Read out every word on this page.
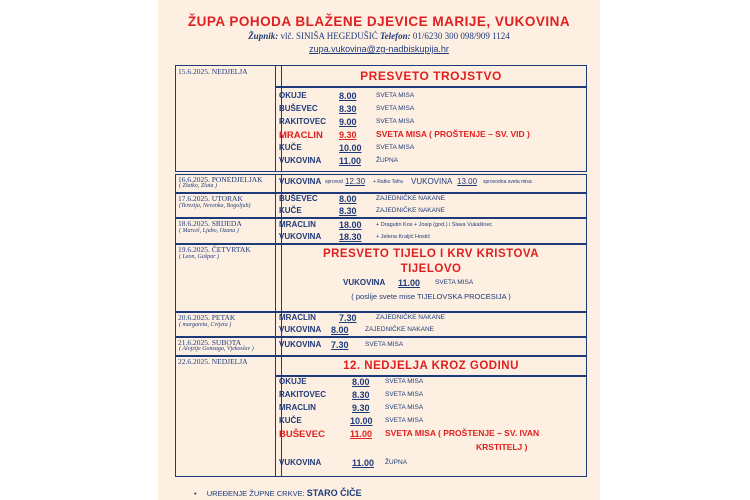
ŽUPA POHODA BLAŽENE DJEVICE MARIJE, VUKOVINA
Župnik: vlč. SINIŠA HEGEDUŠIĆ Telefon: 01/6230 300 098/909 1124
zupa.vukovina@zg-nadbiskupija.hr
15.6.2025. NEDJELJA	PRESVETO TROJSTVO
OKUJE	8.00	SVETA MISA
BUŠEVEC 8.30	SVETA MISA
RAKITOVEC 9.00	SVETA MISA
MRACLIN 9.30 SVETA MISA ( PROŠTENJE – SV. VID )
KUČE	10.00 SVETA MISA
VUKOVINA 11.00 ŽUPNA
16.6.2025. PONEDJELJAK
( Zlatko, Zlata )	VUKOVINA sprovod 12.30 + Ratko Tafra VUKOVINA 13.00 sprovodna sveta misa
17.6.2025. UTORAK
(Terezija, Nevenka, Bogoljub)
BUŠEVEC 8.00	ZAJEDNIČKE NAKANE
KUČE	8.30	ZAJEDNIČKE NAKANE
18.6.2025. SRIJEDA
( Marcel, Ljubo, Ozana )
MRACLIN	18.00	+ Dragutin Kos + Josip (god.) i Slava Vukašinec
VUKOVINA 18.30	+ Jelena Kraljić Hostić
19.6.2025. ČETVRTAK
( Leon, Gašpar )	PRESVETO TIJELO I KRV KRISTOVA
TIJELOVO
VUKOVINA 11.00 SVETA MISA
( poslije svete mise TIJELOVSKA PROCESIJA )
20.6.2025. PETAK
( margareta, Cvijeta )
MRACLIN	7.30	ZAJEDNIČKE NAKANE
VUKOVINA 8.00	ZAJEDNIČKE NAKANE
21.6.2025. SUBOTA
( Alojzije Gonzaga, Vjekoslav )	VUKOVINA 7.30	SVETA MISA
22.6.2025. NEDJELJA	12. NEDJELJA KROZ GODINU
OKUJE	8.00 SVETA MISA
RAKITOVEC	8.30 SVETA MISA
MRACLIN	9.30 SVETA MISA
KUČE	10.00 SVETA MISA
BUŠEVEC	11.00 SVETA MISA ( PROŠTENJE – SV. IVAN
KRSTITELJ )
VUKOVINA	11.00 ŽUPNA
• UREĐENJE ŽUPNE CRKVE: STARO ČIČE
